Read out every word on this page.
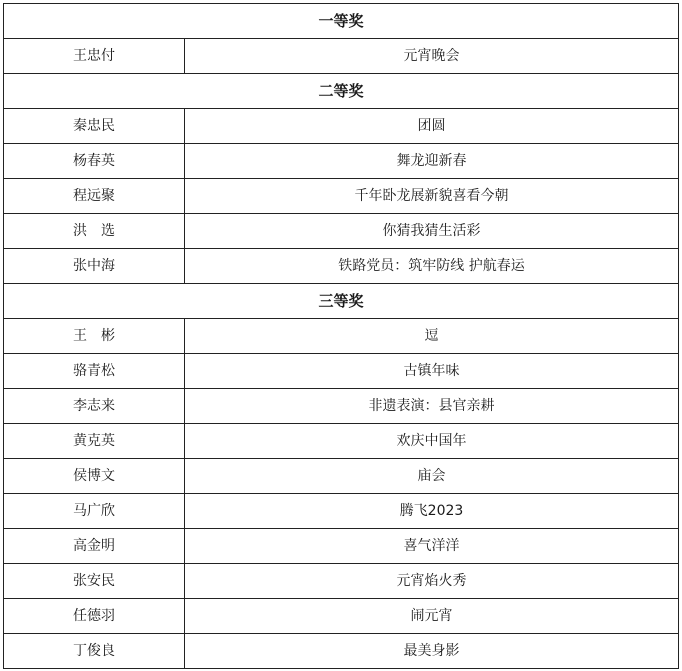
一等奖	
王忠付	元宵晚会
二等奖	
秦忠民	团圆
杨春英	舞龙迎新春
程远聚	千年卧龙展新貌喜看今朝
洪　选	你猜我猜生活彩
张中海	铁路党员：筑牢防线 护航春运
三等奖	
王　彬	逗
骆青松	古镇年味
李志来	非遗表演：县官亲耕
黄克英	欢庆中国年
侯博文	庙会
马广欣	腾飞2023
高金明	喜气洋洋
张安民	元宵焰火秀
任德羽	闹元宵
丁俊良	最美身影
